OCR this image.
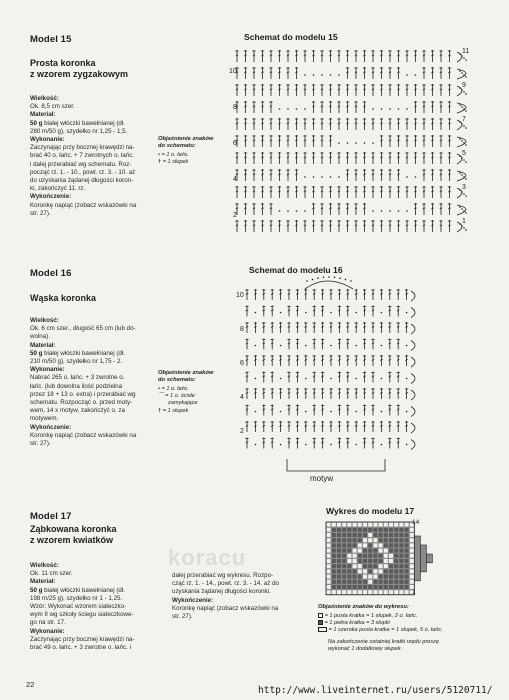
Model 15
Prosta koronka
z wzorem zygzakowym
Wielkość:
Ok. 8,5 cm szer.
Materiał:
50 g białej włóczki bawełnianej (dł.
280 m/50 g), szydełko nr 1,25 - 1,5.
Wykonanie:
Zaczynając przy bocznej krawędzi na-
brać 40 o. łańc. + 7 zwrotnych o. łańc.
i dalej przerabiać wg schematu. Roz-
począć rz. 1. - 10., powt. rz. 3. - 10. aż
do uzyskania żądanej długości koron-
ki, zakończyć 11. rz.
Wykończenie:
Koronkę napiąć (zobacz wskazówki na
str. 27).
Schemat do modelu 15
Objaśnienie znaków
do schematu:
• = 1 o. łańc.
† = 1 słupek
Model 16
Wąska koronka
Wielkość:
Ok. 6 cm szer., długość 65 cm (lub do-
wolna).
Materiał:
50 g białej włóczki bawełnianej (dł.
210 m/50 g), szydełko nr 1,75 - 2.
Wykonanie:
Nabrać 265 o. łańc. + 3 zwrotne o.
łańc. (lub dowolna ilość podzielna
przez 18 + 13 o. extra) i przerabiać wg
schematu. Rozpocząć o. przed moty-
wem, 14 x motyw, zakończyć o. za
motywem.
Wykończenie:
Koronkę napiąć (zobacz wskazówki na
str. 27).
Schemat do modelu 16
motyw
Objaśnienie znaków
do schematu:
• = 1 o. łańc.
⌒ = 1 o. ścisłe
zamykające
† = 1 słupek
koracu
Model 17
Ząbkowana koronka
z wzorem kwiatków
Wielkość:
Ok. 11 cm szer.
Materiał:
50 g białej włóczki bawełnianej (dł.
198 m/25 g), szydełko nr 1 - 1,25.
Wzór: Wykonać wzorem siateczko-
wym II wg szkoły ściegu siateczkowe-
go na str. 17.
Wykonanie:
Zaczynając przy bocznej krawędzi na-
brać 49 o. łańc. + 3 zwrotne o. łańc. i
dalej przerabiać wg wykresu. Rozpo-
cząć rz. 1. - 14., powt. rz. 3. - 14. aż do
uzyskania żądanej długości koronki.
Wykończenie:
Koronkę napiąć (zobacz wskazówki na
str. 27).
Wykres do modelu 17
14
1
Objaśnienie znaków do wykresu:
= 1 pusta kratka = 1 słupek, 2 o. łańc.
= 1 pełna kratka = 3 słupki
= 1 szeroka pusta kratka = 1 słupek, 5 o. łańc.
Na zakończenie ostatniej kratki rzędu proszę
wykonać 1 dodatkowy słupek.
22
http://www.liveinternet.ru/users/5120711/
11
9
7
5
3
1
10
8
6
4
2
10
8
6
4
2
